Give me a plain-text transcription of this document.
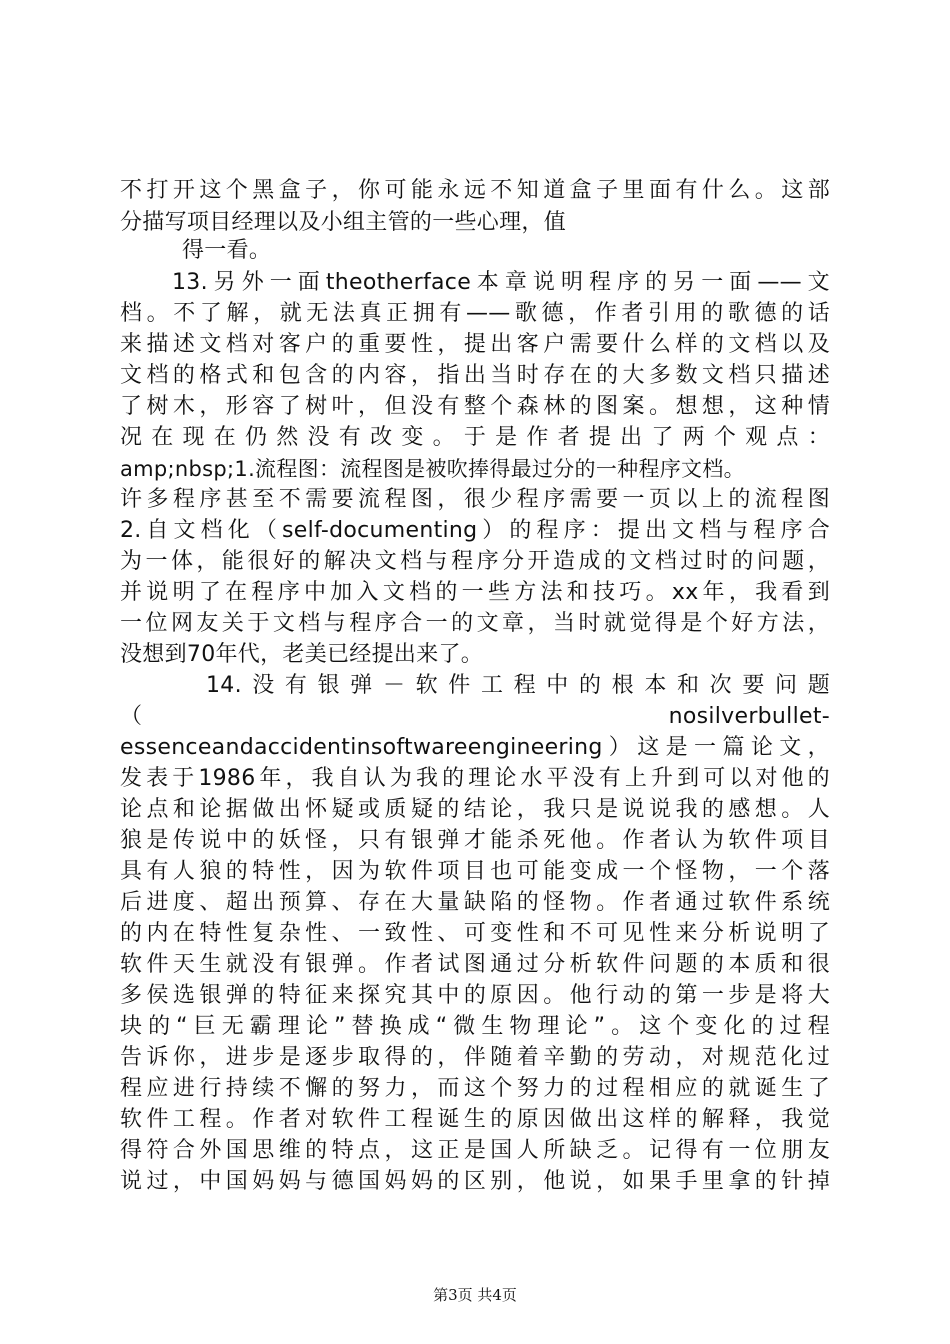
不打开这个黑盒子，你可能永远不知道盒子里面有什么。这部
分描写项目经理以及小组主管的一些心理，值
得一看。
13.另外一面theotherface本章说明程序的另一面——文
档。不了解，就无法真正拥有——歌德，作者引用的歌德的话
来描述文档对客户的重要性，提出客户需要什么样的文档以及
文档的格式和包含的内容，指出当时存在的大多数文档只描述
了树木，形容了树叶，但没有整个森林的图案。想想，这种情
况在现在仍然没有改变。于是作者提出了两个观点：
amp;nbsp;1.流程图：流程图是被吹捧得最过分的一种程序文档。
许多程序甚至不需要流程图，很少程序需要一页以上的流程图
2.自文档化（self-documenting）的程序：提出文档与程序合
为一体，能很好的解决文档与程序分开造成的文档过时的问题，
并说明了在程序中加入文档的一些方法和技巧。xx年，我看到
一位网友关于文档与程序合一的文章，当时就觉得是个好方法，
没想到70年代，老美已经提出来了。
14.没有银弹－软件工程中的根本和次要问题
（	nosilverbullet-
essenceandaccidentinsoftwareengineering）这是一篇论文，
发表于1986年，我自认为我的理论水平没有上升到可以对他的
论点和论据做出怀疑或质疑的结论，我只是说说我的感想。人
狼是传说中的妖怪，只有银弹才能杀死他。作者认为软件项目
具有人狼的特性，因为软件项目也可能变成一个怪物，一个落
后进度、超出预算、存在大量缺陷的怪物。作者通过软件系统
的内在特性复杂性、一致性、可变性和不可见性来分析说明了
软件天生就没有银弹。作者试图通过分析软件问题的本质和很
多侯选银弹的特征来探究其中的原因。他行动的第一步是将大
块的“巨无霸理论”替换成“微生物理论”。这个变化的过程
告诉你，进步是逐步取得的，伴随着辛勤的劳动，对规范化过
程应进行持续不懈的努力，而这个努力的过程相应的就诞生了
软件工程。作者对软件工程诞生的原因做出这样的解释，我觉
得符合外国思维的特点，这正是国人所缺乏。记得有一位朋友
说过，中国妈妈与德国妈妈的区别，他说，如果手里拿的针掉
第3页 共4页
